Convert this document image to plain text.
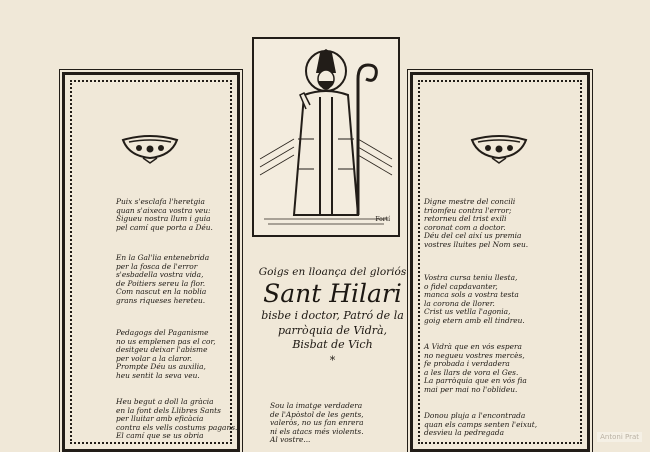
Fortí
Puix s'esclafa l'heretgia
quan s'aixeca vostra veu:
Sigueu nostra llum i guia
pel camí que porta a Déu.
En la Gal'lia entenebrida
per la fosca de l'error
s'esbadella vostra vida,
de Poitiers sereu la flor.
Com nascut en la noblia
grans riqueses hereteu.
Pedagogs del Paganisme
no us emplenen pas el cor,
desitgeu deixar l'abisme
per volar a la claror.
Prompte Déu us auxilia,
heu sentit la seva veu.
Heu begut a doll la gràcia
en la font dels Llibres Sants
per lluitar amb eficàcia
contra els vells costums pagans.
El camí que se us obria
Goigs en lloança del gloriós
Sant Hilari
bisbe i doctor, Patró de la
parròquia de Vidrà,
Bisbat de Vich
*
Sou la imatge verdadera
de l'Apòstol de les gents,
valeròs, no us fan enrera
ni els atacs més violents.
Al vostre...
Digne mestre del concili
triomfeu contra l'error;
retorneu del trist exili
coronat com a doctor.
Déu del cel així us premia
vostres lluites pel Nom seu.
Vostra cursa teniu llesta,
o fidel capdavanter,
manca sols a vostra testa
la corona de llorer.
Crist us vetlla l'agonia,
goig etern amb ell tindreu.
A Vidrà que en vós espera
no negueu vostres mercès,
fe probada i verdadera
a les llars de vora el Ges.
La parròquia que en vós fia
mai per mai no l'oblideu.
Donou pluja a l'encontrada
quan els camps senten l'eixut,
desvieu la pedregada	Antoni Prat
